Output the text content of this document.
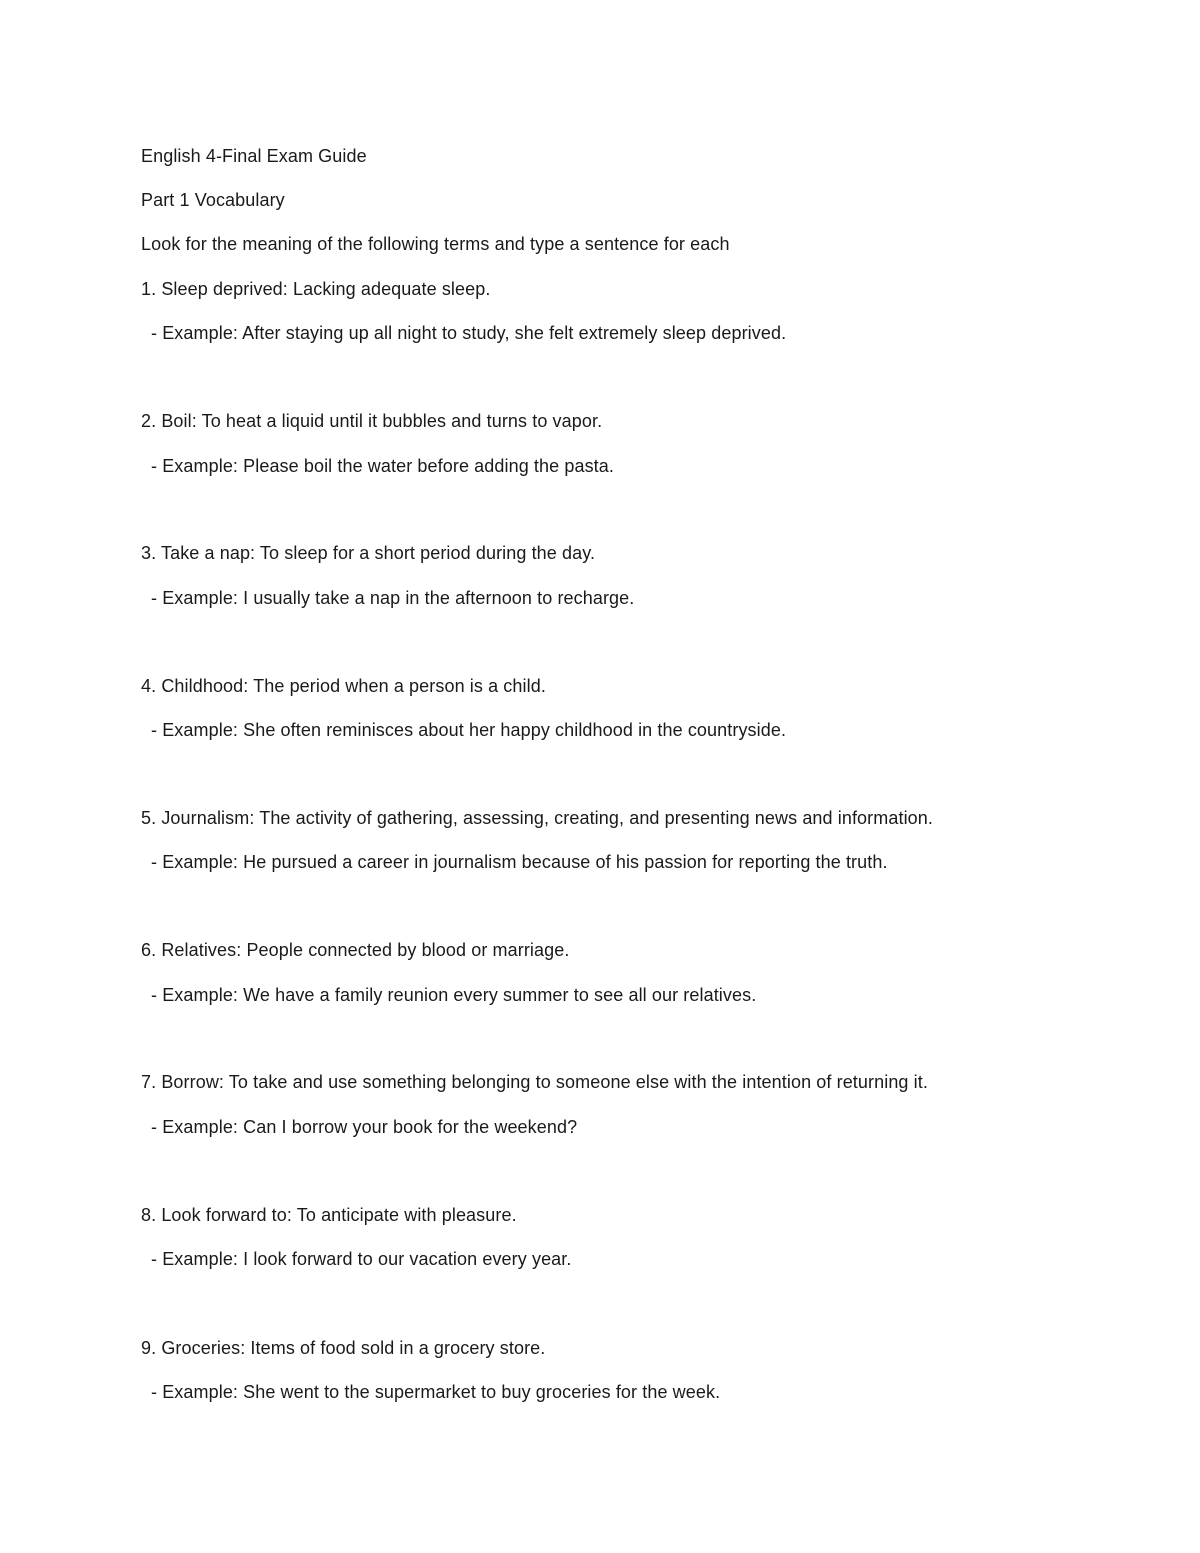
English 4-Final Exam Guide
Part 1 Vocabulary
Look for the meaning of the following terms and type a sentence for each
1. Sleep deprived: Lacking adequate sleep.
- Example: After staying up all night to study, she felt extremely sleep deprived.
2. Boil: To heat a liquid until it bubbles and turns to vapor.
- Example: Please boil the water before adding the pasta.
3. Take a nap: To sleep for a short period during the day.
- Example: I usually take a nap in the afternoon to recharge.
4. Childhood: The period when a person is a child.
- Example: She often reminisces about her happy childhood in the countryside.
5. Journalism: The activity of gathering, assessing, creating, and presenting news and information.
- Example: He pursued a career in journalism because of his passion for reporting the truth.
6. Relatives: People connected by blood or marriage.
- Example: We have a family reunion every summer to see all our relatives.
7. Borrow: To take and use something belonging to someone else with the intention of returning it.
- Example: Can I borrow your book for the weekend?
8. Look forward to: To anticipate with pleasure.
- Example: I look forward to our vacation every year.
9. Groceries: Items of food sold in a grocery store.
- Example: She went to the supermarket to buy groceries for the week.
